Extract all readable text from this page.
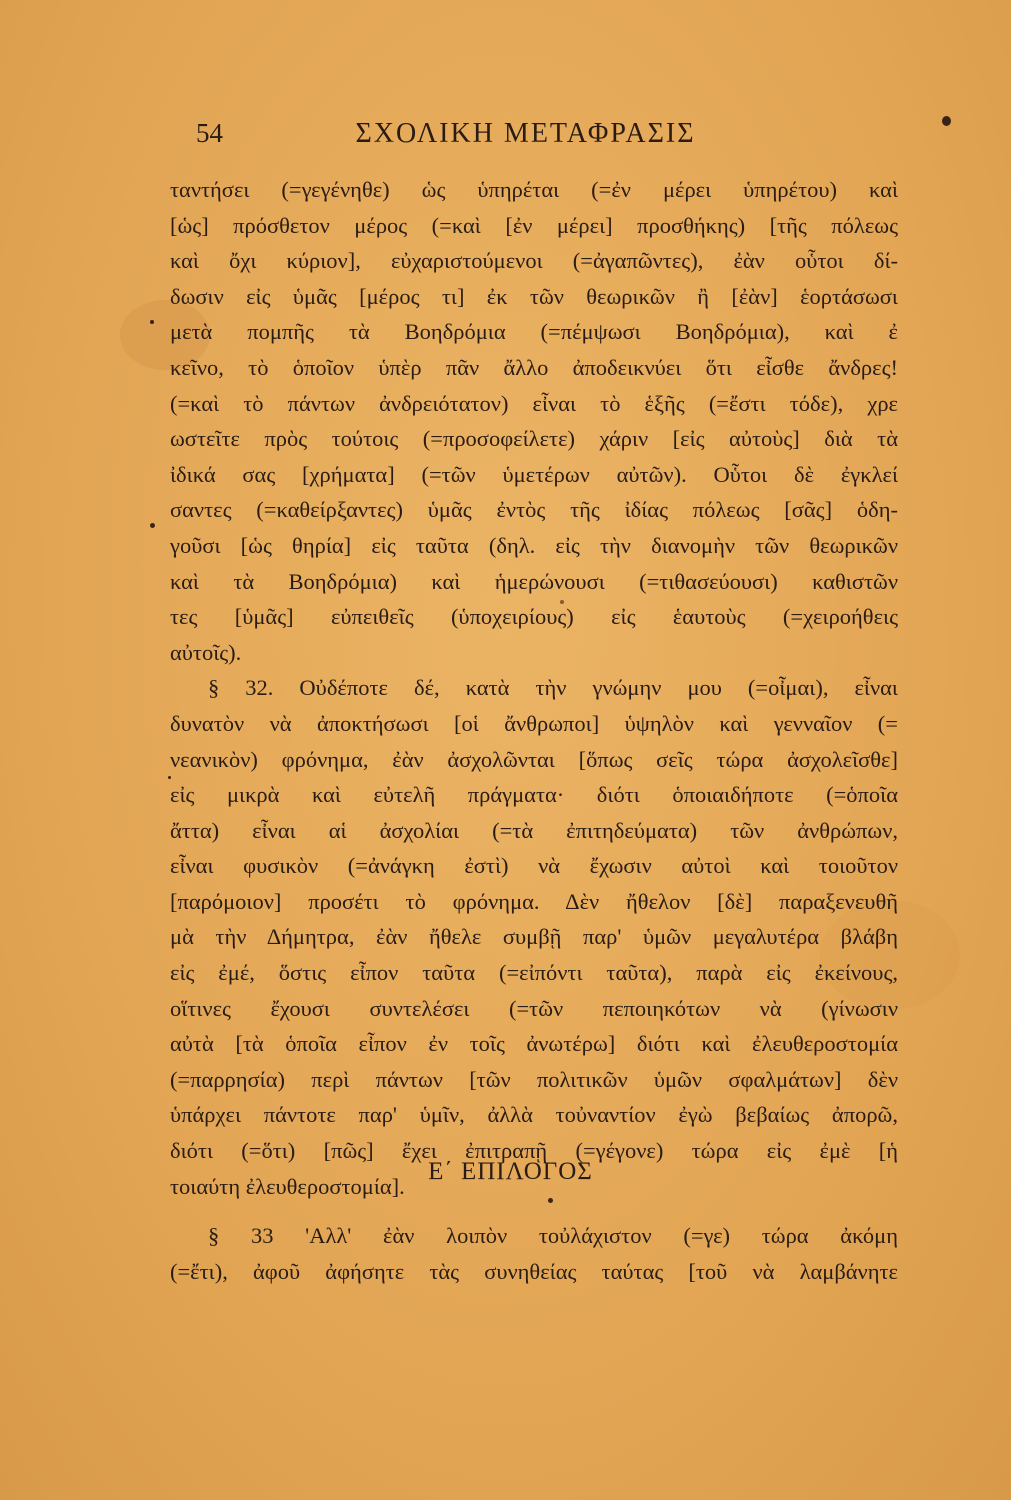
54	ΣΧΟΛΙΚΗ ΜΕΤΑΦΡΑΣΙΣ
ταντήσει (=γεγένηθε) ὡς ὑπηρέται (=ἐν μέρει ὑπηρέτου) καὶ
[ὡς] πρόσθετον μέρος (=καὶ [ἐν μέρει] προσθήκης) [τῆς πόλεως
καὶ ὄχι κύριον], εὐχαριστούμενοι (=ἀγαπῶντες), ἐὰν οὗτοι δί-
δωσιν εἰς ὑμᾶς [μέρος τι] ἐκ τῶν θεωρικῶν ἢ [ἐὰν] ἑορτάσωσι
μετὰ πομπῆς τὰ Βοηδρόμια (=πέμψωσι Βοηδρόμια), καὶ ἐ
κεῖνο, τὸ ὁποῖον ὑπὲρ πᾶν ἄλλο ἀποδεικνύει ὅτι εἶσθε ἄνδρες!
(=καὶ τὸ πάντων ἀνδρειότατον) εἶναι τὸ ἑξῆς (=ἔστι τόδε), χρε
ωστεῖτε πρὸς τούτοις (=προσοφείλετε) χάριν [εἰς αὐτοὺς] διὰ τὰ
ἰδικά σας [χρήματα] (=τῶν ὑμετέρων αὐτῶν). Οὗτοι δὲ ἐγκλεί
σαντες (=καθείρξαντες) ὑμᾶς ἐντὸς τῆς ἰδίας πόλεως [σᾶς] ὁδη-
γοῦσι [ὡς θηρία] εἰς ταῦτα (δηλ. εἰς τὴν διανομὴν τῶν θεωρικῶν
καὶ τὰ Βοηδρόμια) καὶ ἡμερώνουσι (=τιθασεύουσι) καθιστῶν
τες [ὑμᾶς] εὐπειθεῖς (ὑποχειρίους) εἰς ἑαυτοὺς (=χειροήθεις
αὐτοῖς).
§ 32. Οὐδέποτε δέ, κατὰ τὴν γνώμην μου (=οἶμαι), εἶναι
δυνατὸν νὰ ἀποκτήσωσι [οἱ ἄνθρωποι] ὑψηλὸν καὶ γενναῖον (=
νεανικὸν) φρόνημα, ἐὰν ἀσχολῶνται [ὅπως σεῖς τώρα ἀσχολεῖσθε]
εἰς μικρὰ καὶ εὐτελῆ πράγματα· διότι ὁποιαιδήποτε (=ὁποῖα
ἄττα) εἶναι αἱ ἀσχολίαι (=τὰ ἐπιτηδεύματα) τῶν ἀνθρώπων,
εἶναι φυσικὸν (=ἀνάγκη ἐστὶ) νὰ ἔχωσιν αὐτοὶ καὶ τοιοῦτον
[παρόμοιον] προσέτι τὸ φρόνημα. Δὲν ἤθελον [δὲ] παραξενευθῆ
μὰ τὴν Δήμητρα, ἐὰν ἤθελε συμβῇ παρ' ὑμῶν μεγαλυτέρα βλάβη
εἰς ἐμέ, ὅστις εἶπον ταῦτα (=εἰπόντι ταῦτα), παρὰ εἰς ἐκείνους,
οἵτινες ἔχουσι συντελέσει (=τῶν πεποιηκότων νὰ (γίνωσιν
αὐτὰ [τὰ ὁποῖα εἶπον ἐν τοῖς ἀνωτέρω] διότι καὶ ἐλευθεροστομία
(=παρρησία) περὶ πάντων [τῶν πολιτικῶν ὑμῶν σφαλμάτων] δὲν
ὑπάρχει πάντοτε παρ' ὑμῖν, ἀλλὰ τοὐναντίον ἐγὼ βεβαίως ἀπορῶ,
διότι (=ὅτι) [πῶς] ἔχει ἐπιτραπῇ (=γέγονε) τώρα εἰς ἐμὲ [ἡ
τοιαύτη ἐλευθεροστομία].
Ε΄ ΕΠΙΛΟΓΟΣ
§ 33 'Αλλ' ἐὰν λοιπὸν τοὐλάχιστον (=γε) τώρα ἀκόμη
(=ἔτι), ἀφοῦ ἀφήσητε τὰς συνηθείας ταύτας [τοῦ νὰ λαμβάνητε
